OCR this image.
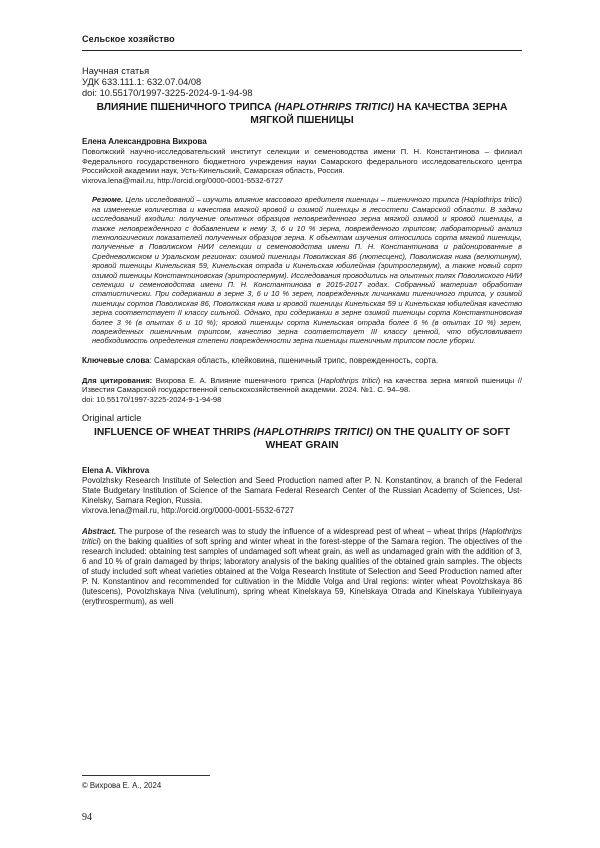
Сельское хозяйство

Научная статья

УДК 633.111.1: 632.07.04/08

doi: 10.55170/1997-3225-2024-9-1-94-98

ВЛИЯНИЕ ПШЕНИЧНОГО ТРИПСА (HAPLOTHRIPS TRITICI) НА КАЧЕСТВА ЗЕРНА МЯГКОЙ ПШЕНИЦЫ

Елена Александровна Вихрова

Поволжский научно-исследовательский институт селекции и семеноводства имени П. Н. Константинова – филиал Федерального государственного бюджетного учреждения науки Самарского федерального исследовательского центра Российской академии наук, Усть-Кинельский, Самарская область, Россия.

vixrova.lena@mail.ru, http://orcid.org/0000-0001-5532-6727

Резюме. Цель исследований – изучить влияние массового вредителя пшеницы – пшеничного трипса (Haplothrips tritici) на изменение количества и качества мягкой яровой и озимой пшеницы в лесостепи Самарской области. В задачи исследований входили: получение опытных образцов неповрежденного зерна мягкой озимой и яровой пшеницы, а также неповрежденного с добавлением к нему 3, 6 и 10 % зерна, поврежденного трипсом; лабораторный анализ технологических показателей полученных образцов зерна. К объектам изучения относились сорта мягкой пшеницы, полученные в Поволжском НИИ селекции и семеноводства имени П. Н. Константинова и районированные в Средневолжском и Уральском регионах: озимой пшеницы Поволжская 86 (лютесценс), Поволжская нива (велютинум), яровой пшеницы Кинельская 59, Кинельская отрада и Кинельская юбилейная (эритроспермум), а также новый сорт озимой пшеницы Константиновская (эритроспермум). Исследования проводились на опытных полях Поволжского НИИ селекции и семеноводства имени П. Н. Константинова в 2015-2017 годах. Собранный материал обработан статистически. При содержании в зерне 3, 6 и 10 % зерен, поврежденных личинками пшеничного трипса, у озимой пшеницы сортов Поволжская 86, Поволжская нива и яровой пшеницы Кинельская 59 и Кинельская юбилейная качество зерна соответствует II классу сильной. Однако, при содержании в зерне озимой пшеницы сорта Константиновская более 3 % (в опытах 6 и 10 %); яровой пшеницы сорта Кинельская отрада более 6 % (в опытах 10 %) зерен, поврежденных пшеничным трипсом, качество зерна соответствует III классу ценной, что обусловливает необходимость определения степени поврежденности зерна пшеницы пшеничным трипсом после уборки.

Ключевые слова: Самарская область, клейковина, пшеничный трипс, поврежденность, сорта.

Для цитирования: Вихрова Е. А. Влияние пшеничного трипса (Haplothrips tritici) на качества зерна мягкой пшеницы // Известия Самарской государственной сельскохозяйственной академии. 2024. №1. С. 94–98.
doi: 10.55170/1997-3225-2024-9-1-94-98

Original article

INFLUENCE OF WHEAT THRIPS (HAPLOTHRIPS TRITICI) ON THE QUALITY OF SOFT WHEAT GRAIN

Elena A. Vikhrova

Povolzhsky Research Institute of Selection and Seed Production named after P. N. Konstantinov, a branch of the Federal State Budgetary Institution of Science of the Samara Federal Research Center of the Russian Academy of Sciences, Ust-Kinelsky, Samara Region, Russia.

vixrova.lena@mail.ru, http://orcid.org/0000-0001-5532-6727

Abstract. The purpose of the research was to study the influence of a widespread pest of wheat – wheat thrips (Haplothrips tritici) on the baking qualities of soft spring and winter wheat in the forest-steppe of the Samara region. The objectives of the research included: obtaining test samples of undamaged soft wheat grain, as well as undamaged grain with the addition of 3, 6 and 10 % of grain damaged by thrips; laboratory analysis of the baking qualities of the obtained grain samples. The objects of study included soft wheat varieties obtained at the Volga Research Institute of Selection and Seed Production named after P. N. Konstantinov and recommended for cultivation in the Middle Volga and Ural regions: winter wheat Povolzhskaya 86 (lutescens), Povolzhskaya Niva (velutinum), spring wheat Kinelskaya 59, Kinelskaya Otrada and Kinelskaya Yubileinyaya (erythrospermum), as well

© Вихрова Е. А., 2024
94
